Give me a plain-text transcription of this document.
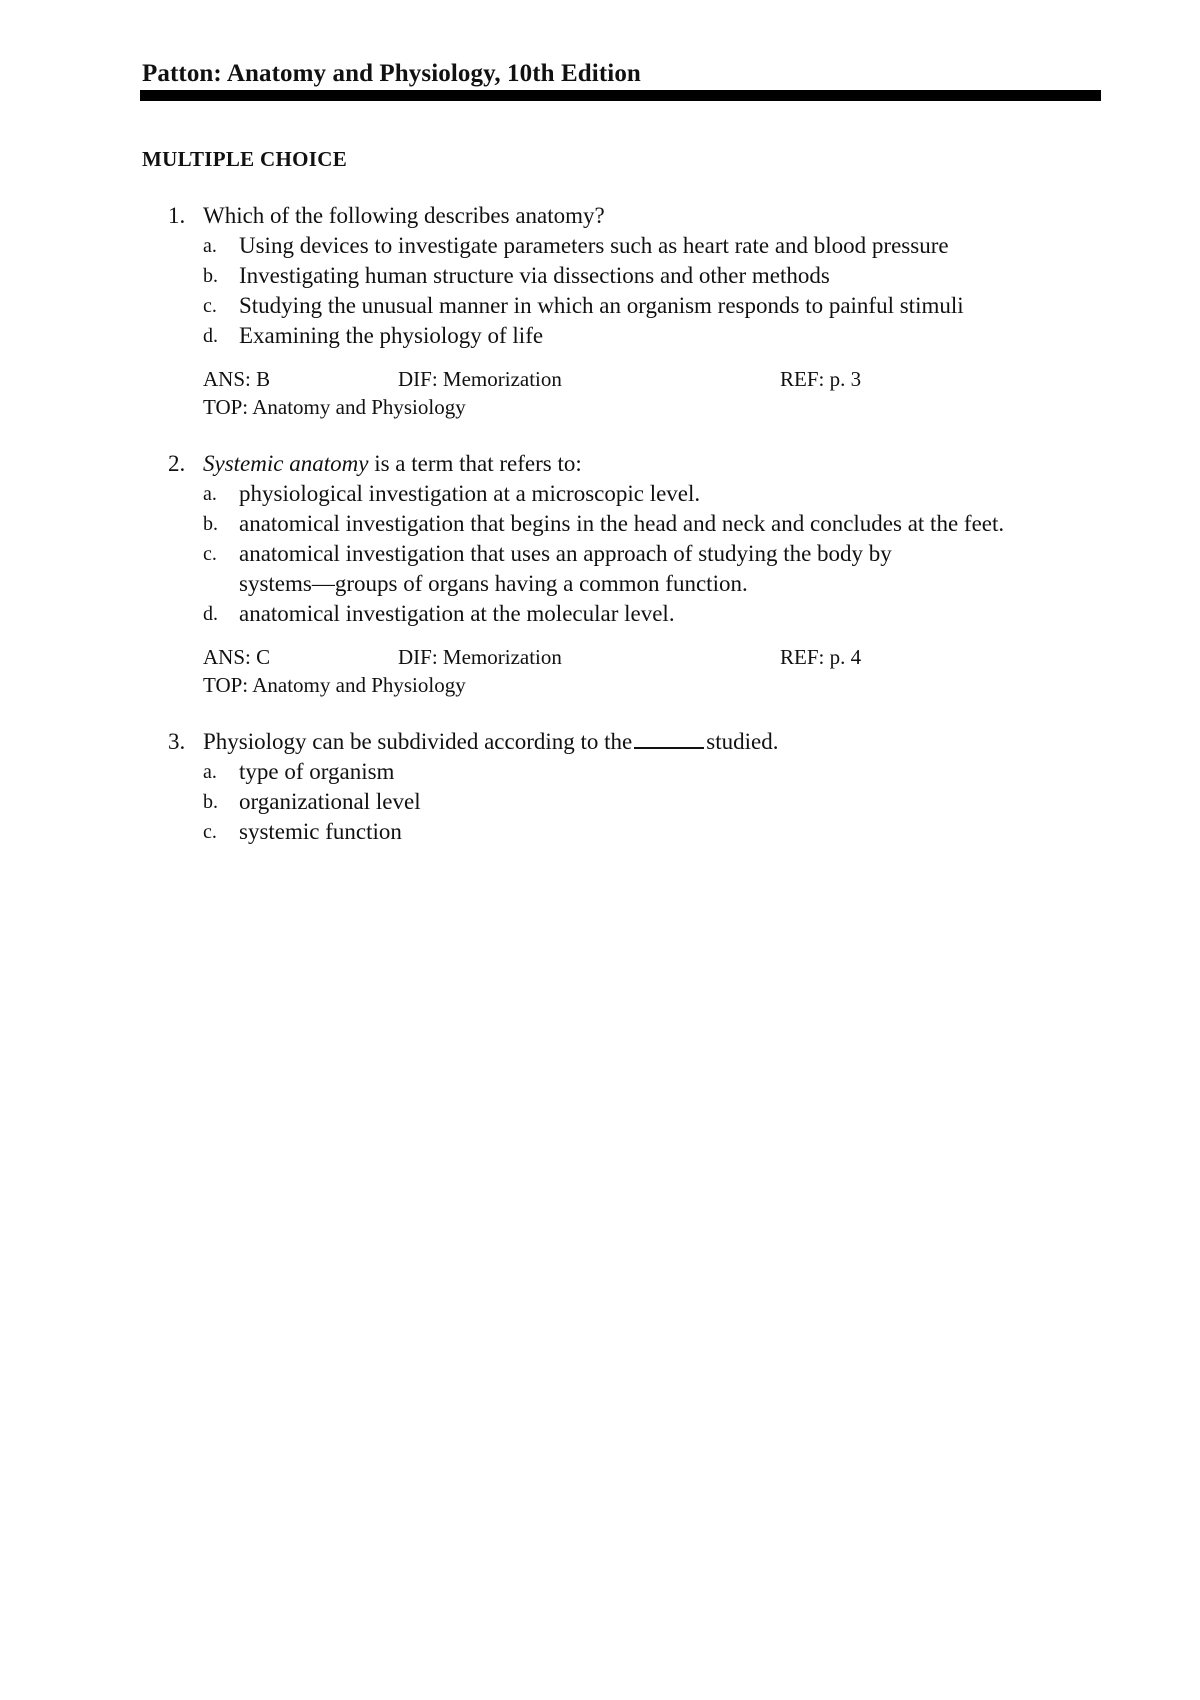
Patton: Anatomy and Physiology, 10th Edition
MULTIPLE CHOICE
1. Which of the following describes anatomy?
a. Using devices to investigate parameters such as heart rate and blood pressure
b. Investigating human structure via dissections and other methods
c. Studying the unusual manner in which an organism responds to painful stimuli
d. Examining the physiology of life
ANS: B	DIF: Memorization	REF: p. 3
TOP: Anatomy and Physiology
2. Systemic anatomy is a term that refers to:
a. physiological investigation at a microscopic level.
b. anatomical investigation that begins in the head and neck and concludes at the feet.
c. anatomical investigation that uses an approach of studying the body by
systems—groups of organs having a common function.
d. anatomical investigation at the molecular level.
ANS: C	DIF: Memorization	REF: p. 4
TOP: Anatomy and Physiology
3. Physiology can be subdivided according to the	studied.
a. type of organism
b. organizational level
c. systemic function
